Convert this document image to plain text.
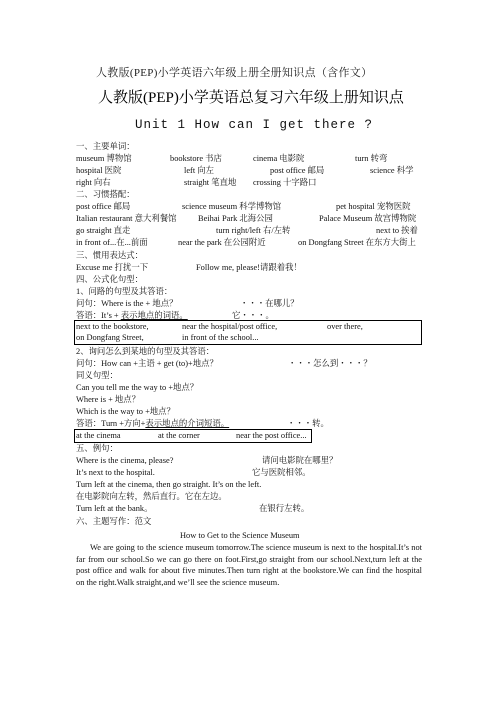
人教版(PEP)小学英语六年级上册全册知识点（含作文）
人教版(PEP)小学英语总复习六年级上册知识点
Unit 1 How can I get there ?
一、主要单词：
museum 博物馆	bookstore 书店	cinema 电影院	turn 转弯
hospital 医院	left 向左	post office 邮局	science 科学
right 向右	straight 笔直地 crossing 十字路口
二、习惯搭配：
post office 邮局	science museum 科学博物馆	pet hospital 宠物医院
Italian restaurant 意大利餐馆	Beihai Park 北海公园	Palace Museum 故宫博物院
go straight 直走	turn right/left 右/左转	next to 挨着
in front of...在...前面	near the park 在公园附近	on Dongfang Street 在东方大街上
三、惯用表达式：
Excuse me 打扰一下	Follow me, please!请跟着我！
四、公式化句型：
1、问路的句型及其答语：
问句：Where is the + 地点？	・・・在哪儿？
答语：It’s + 表示地点的词语。	它・・・。
next to the bookstore,	near the hospital/post office,	over there,
on Dongfang Street,	in front of the school...
2、询问怎么到某地的句型及其答语：
问句：How can +主语 + get (to)+地点？	・・・怎么到・・・？
同义句型：
Can you tell me the way to +地点？
Where is + 地点？
Which is the way to +地点？
答语：Turn +方向+表示地点的介词短语。	・・・转。
at the cinema	at the corner	near the post office...
五、例句：
Where is the cinema, please?	请问电影院在哪里？
It’s next to the hospital.	它与医院相邻。
Turn left at the cinema, then go straight. It’s on the left.
在电影院向左转，然后直行。它在左边。
Turn left at the bank。	在银行左转。
六、主题写作：范文
How to Get to the Science Museum
We are going to the science museum tomorrow.The science museum is next to the hospital.It’s not far from our school.So we can go there on foot.First,go straight from our school.Next,turn left at the post office and walk for about five minutes.Then turn right at the bookstore.We can find the hospital on the right.Walk straight,and we’ll see the science museum.
